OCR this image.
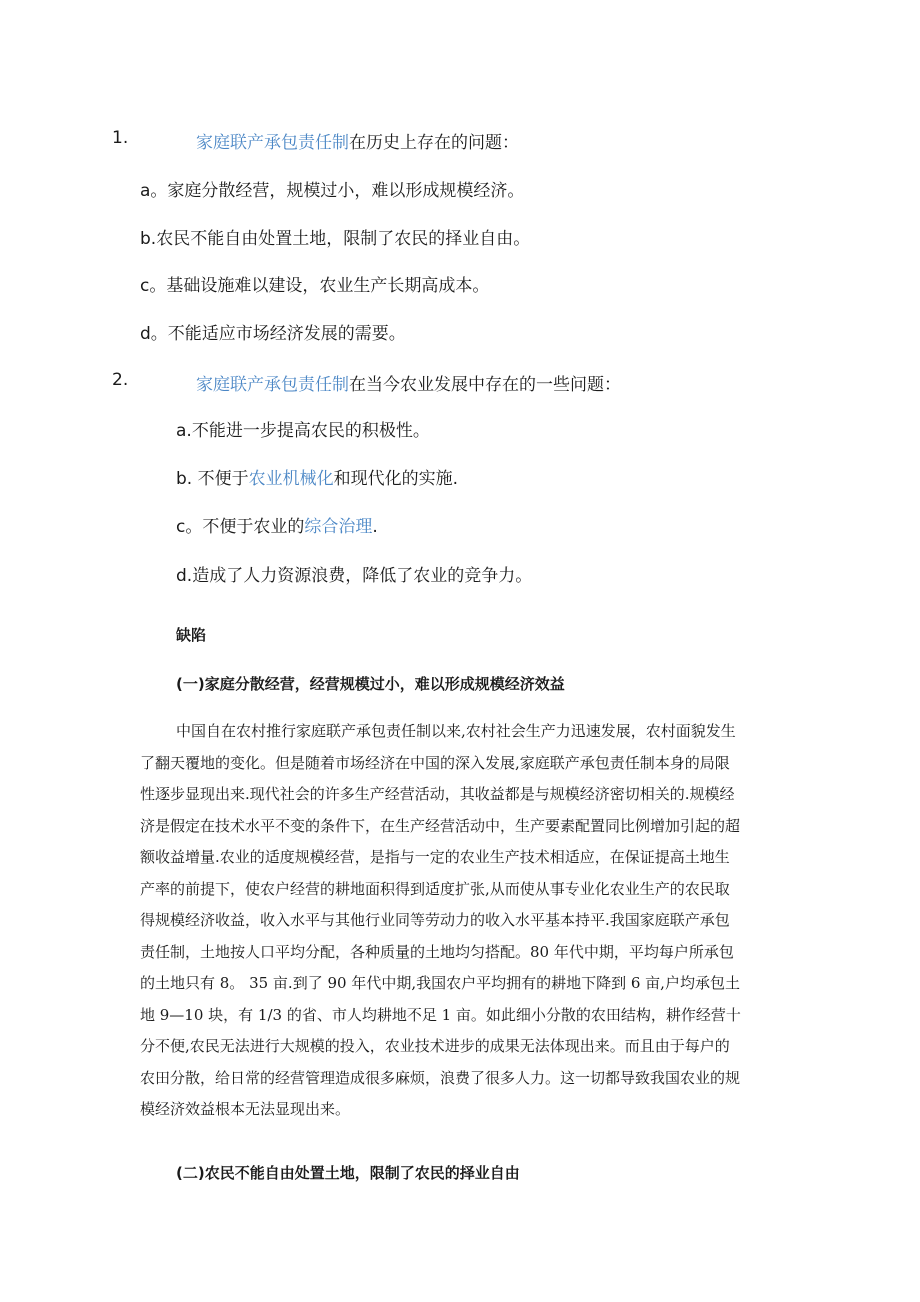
1.	家庭联产承包责任制在历史上存在的问题：
a。家庭分散经营，规模过小，难以形成规模经济。
b.农民不能自由处置土地，限制了农民的择业自由。
c。基础设施难以建设，农业生产长期高成本。
d。不能适应市场经济发展的需要。
2.	家庭联产承包责任制在当今农业发展中存在的一些问题：
a.不能进一步提高农民的积极性。
b. 不便于农业机械化和现代化的实施.
c。不便于农业的综合治理.
d.造成了人力资源浪费，降低了农业的竞争力。
缺陷
(一)家庭分散经营，经营规模过小，难以形成规模经济效益
中国自在农村推行家庭联产承包责任制以来,农村社会生产力迅速发展，农村面貌发生
了翻天覆地的变化。但是随着市场经济在中国的深入发展,家庭联产承包责任制本身的局限
性逐步显现出来.现代社会的许多生产经营活动，其收益都是与规模经济密切相关的.规模经
济是假定在技术水平不变的条件下，在生产经营活动中，生产要素配置同比例增加引起的超
额收益增量.农业的适度规模经营，是指与一定的农业生产技术相适应，在保证提高土地生
产率的前提下，使农户经营的耕地面积得到适度扩张,从而使从事专业化农业生产的农民取
得规模经济收益，收入水平与其他行业同等劳动力的收入水平基本持平.我国家庭联产承包
责任制，土地按人口平均分配，各种质量的土地均匀搭配。80 年代中期，平均每户所承包
的土地只有 8。 35 亩.到了 90 年代中期,我国农户平均拥有的耕地下降到 6 亩,户均承包土
地 9—10 块，有 1/3 的省、市人均耕地不足 1 亩。如此细小分散的农田结构，耕作经营十
分不便,农民无法进行大规模的投入，农业技术进步的成果无法体现出来。而且由于每户的
农田分散，给日常的经营管理造成很多麻烦，浪费了很多人力。这一切都导致我国农业的规
模经济效益根本无法显现出来。
(二)农民不能自由处置土地，限制了农民的择业自由
